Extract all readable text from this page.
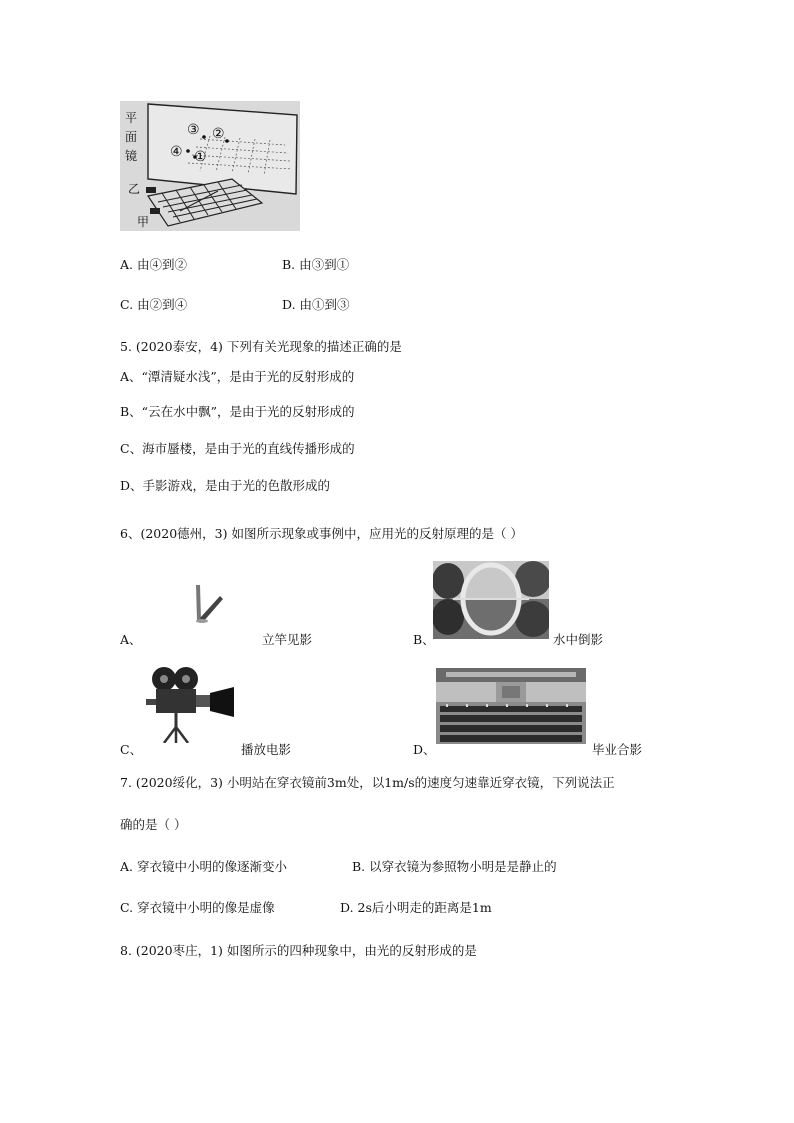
平
面
镜
③ ②
④ ①
乙
甲
A. 由④到②	B. 由③到①
C. 由②到④	D. 由①到③
5. (2020泰安，4) 下列有关光现象的描述正确的是
A、“潭清疑水浅”，是由于光的反射形成的
B、“云在水中飘”，是由于光的反射形成的
C、海市蜃楼，是由于光的直线传播形成的
D、手影游戏，是由于光的色散形成的
6、(2020德州，3) 如图所示现象或事例中，应用光的反射原理的是（ ）
A、	立竿见影	B、	水中倒影
C、	播放电影	D、	毕业合影
7. (2020绥化，3) 小明站在穿衣镜前3m处，以1m/s的速度匀速靠近穿衣镜，下列说法正
确的是（ ）
A. 穿衣镜中小明的像逐渐变小	B. 以穿衣镜为参照物小明是是静止的
C. 穿衣镜中小明的像是虚像	D. 2s后小明走的距离是1m
8. (2020枣庄，1) 如图所示的四种现象中，由光的反射形成的是
